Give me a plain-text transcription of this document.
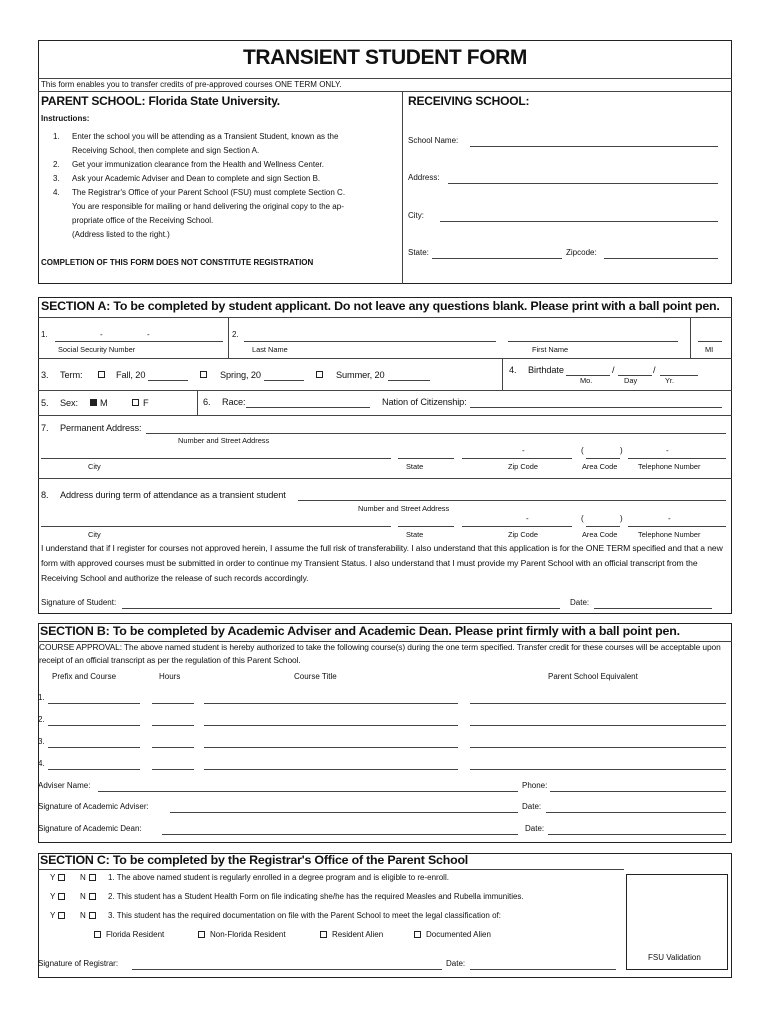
TRANSIENT STUDENT FORM
This form enables you to transfer credits of pre-approved courses ONE TERM ONLY.
PARENT SCHOOL: Florida State University.
Instructions:
1. Enter the school you will be attending as a Transient Student, known as the
Receiving School, then complete and sign Section A.
2. Get your immunization clearance from the Health and Wellness Center.
3. Ask your Academic Adviser and Dean to complete and sign Section B.
4. The Registrar's Office of your Parent School (FSU) must complete Section C.
You are responsible for mailing or hand delivering the original copy to the ap-
propriate office of the Receiving School.
(Address listed to the right.)
COMPLETION OF THIS FORM DOES NOT CONSTITUTE REGISTRATION
RECEIVING SCHOOL:
School Name:
Address:
City:
State:	Zipcode:
SECTION A: To be completed by student applicant. Do not leave any questions blank. Please print with a ball point pen.
1.	-	-
Social Security Number
2.
Last Name	First Name	MI
3. Term:	Fall, 20	Spring, 20	Summer, 20	4. Birthdate	/	/
Mo.	Day	Yr.
5. Sex: M	F	6. Race:	Nation of Citizenship:
7. Permanent Address:
Number and Street Address
-	(	)	-
City	State	Zip Code	Area Code	Telephone Number
8. Address during term of attendance as a transient student
Number and Street Address
-	(	)	-
City	State	Zip Code	Area Code	Telephone Number
I understand that if I register for courses not approved herein, I assume the full risk of transferability. I also understand that this application is for the ONE TERM specified and that a new form with approved courses must be submitted in order to continue my Transient Status. I also understand that I must provide my Parent School with an official transcript from the Receiving School and authorize the release of such records accordingly.
Signature of Student:	Date:
SECTION B: To be completed by Academic Adviser and Academic Dean. Please print firmly with a ball point pen.
COURSE APPROVAL: The above named student is hereby authorized to take the following course(s) during the one term specified. Transfer credit for these courses will be acceptable upon receipt of an official transcript as per the regulation of this Parent School.
Prefix and Course	Hours	Course Title	Parent School Equivalent
1.
2.
3.
4.
Adviser Name:	Phone:
Signature of Academic Adviser:	Date:
Signature of Academic Dean:	Date:
SECTION C: To be completed by the Registrar's Office of the Parent School
FSU Validation
Y	N	1. The above named student is regularly enrolled in a degree program and is eligible to re-enroll.
Y	N	2. This student has a Student Health Form on file indicating she/he has the required Measles and Rubella immunities.
Y	N	3. This student has the required documentation on file with the Parent School to meet the legal classification of:
Florida Resident	Non-Florida Resident	Resident Alien	Documented Alien
Signature of Registrar:	Date:
